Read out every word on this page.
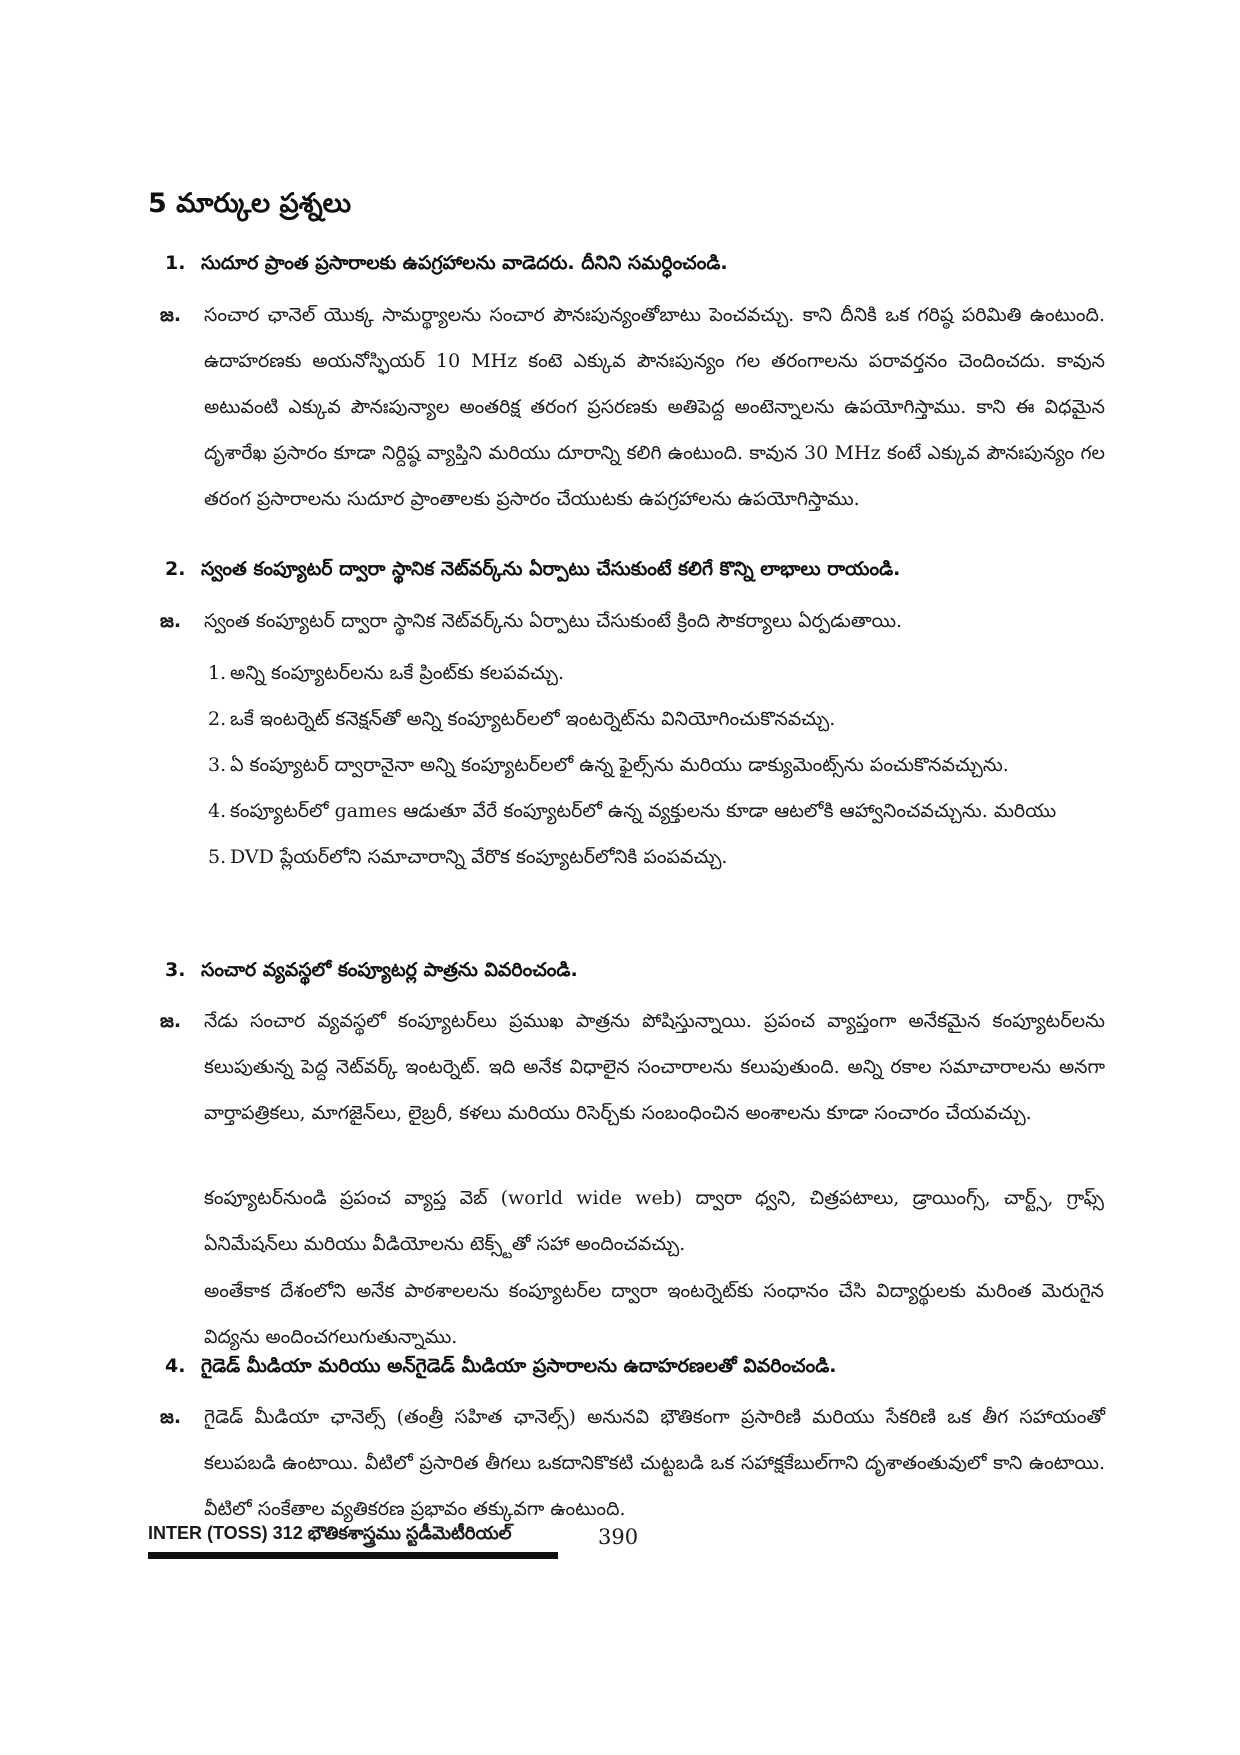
5 మార్కుల ప్రశ్నలు
1. సుదూర ప్రాంత ప్రసారాలకు ఉపగ్రహాలను వాడెదరు. దీనిని సమర్ధించండి.
జ. సంచార ఛానెల్ యొక్క సామర్థ్యాలను సంచార పౌనఃపున్యంతోబాటు పెంచవచ్చు. కాని దీనికి ఒక గరిష్ఠ పరిమితి ఉంటుంది. ఉదాహరణకు అయనోస్ఫియర్ 10 MHz కంటె ఎక్కువ పౌనఃపున్యం గల తరంగాలను పరావర్తనం చెందించదు. కావున అటువంటి ఎక్కువ పౌనఃపున్యాల అంతరిక్ష తరంగ ప్రసరణకు అతిపెద్ద అంటెన్నాలను ఉపయోగిస్తాము. కాని ఈ విధమైన దృశారేఖ ప్రసారం కూడా నిర్దిష్ఠ వ్యాప్తిని మరియు దూరాన్ని కలిగి ఉంటుంది. కావున 30 MHz కంటే ఎక్కువ పౌనఃపున్యం గల తరంగ ప్రసారాలను సుదూర ప్రాంతాలకు ప్రసారం చేయుటకు ఉపగ్రహాలను ఉపయోగిస్తాము.
2. స్వంత కంప్యూటర్ ద్వారా స్థానిక నెట్‌వర్క్‌ను ఏర్పాటు చేసుకుంటే కలిగే కొన్ని లాభాలు రాయండి.
జ. స్వంత కంప్యూటర్ ద్వారా స్థానిక నెట్‌వర్క్‌ను ఏర్పాటు చేసుకుంటే క్రింది సౌకర్యాలు ఏర్పడుతాయి.
1. అన్ని కంప్యూటర్‌లను ఒకే ప్రింట్‌కు కలపవచ్చు.
2. ఒకే ఇంటర్నెట్ కనెక్షన్‌తో అన్ని కంప్యూటర్‌లలో ఇంటర్నెట్‌ను వినియోగించుకొనవచ్చు.
3. ఏ కంప్యూటర్ ద్వారానైనా అన్ని కంప్యూటర్‌లలో ఉన్న ఫైల్స్‌ను మరియు డాక్యుమెంట్స్‌ను పంచుకొనవచ్చును.
4. కంప్యూటర్‌లో games ఆడుతూ వేరే కంప్యూటర్‌లో ఉన్న వ్యక్తులను కూడా ఆటలోకి ఆహ్వానించవచ్చును. మరియు
5. DVD ప్లేయర్‌లోని సమాచారాన్ని వేరొక కంప్యూటర్‌లోనికి పంపవచ్చు.
3. సంచార వ్యవస్థలో కంప్యూటర్ల పాత్రను వివరించండి.
జ. నేడు సంచార వ్యవస్థలో కంప్యూటర్‌లు ప్రముఖ పాత్రను పోషిస్తున్నాయి. ప్రపంచ వ్యాప్తంగా అనేకమైన కంప్యూటర్‌లను కలుపుతున్న పెద్ద నెట్‌వర్క్ ఇంటర్నెట్. ఇది అనేక విధాలైన సంచారాలను కలుపుతుంది. అన్ని రకాల సమాచారాలను అనగా వార్తాపత్రికలు, మాగజైన్‌లు, లైబ్రరీ, కళలు మరియు రిసెర్చ్‌కు సంబంధించిన అంశాలను కూడా సంచారం చేయవచ్చు.
కంప్యూటర్‌నుండి ప్రపంచ వ్యాప్త వెబ్ (world wide web) ద్వారా ధ్వని, చిత్రపటాలు, డ్రాయింగ్స్, చార్ట్స్, గ్రాఫ్స్ ఏనిమేషన్‌లు మరియు వీడియోలను టెక్స్ట్‌తో సహా అందించవచ్చు.
అంతేకాక దేశంలోని అనేక పాఠశాలలను కంప్యూటర్‌ల ద్వారా ఇంటర్నెట్‌కు సంధానం చేసి విద్యార్థులకు మరింత మెరుగైన విద్యను అందించగలుగుతున్నాము.
4. గైడెడ్ మీడియా మరియు అన్‌గైడెడ్ మీడియా ప్రసారాలను ఉదాహరణలతో వివరించండి.
జ. గైడెడ్ మీడియా ఛానెల్స్ (తంత్రీ సహిత ఛానెల్స్) అనునవి భౌతికంగా ప్రసారిణి మరియు సేకరిణి ఒక తీగ సహాయంతో కలుపబడి ఉంటాయి. వీటిలో ప్రసారిత తీగలు ఒకదానికొకటి చుట్టబడి ఒక సహాక్షకేబుల్‌గాని దృశాతంతువులో కాని ఉంటాయి. వీటిలో సంకేతాల వ్యతికరణ ప్రభావం తక్కువగా ఉంటుంది.
INTER (TOSS) 312 భౌతికశాస్త్రము స్టడీమెటీరియల్	390
